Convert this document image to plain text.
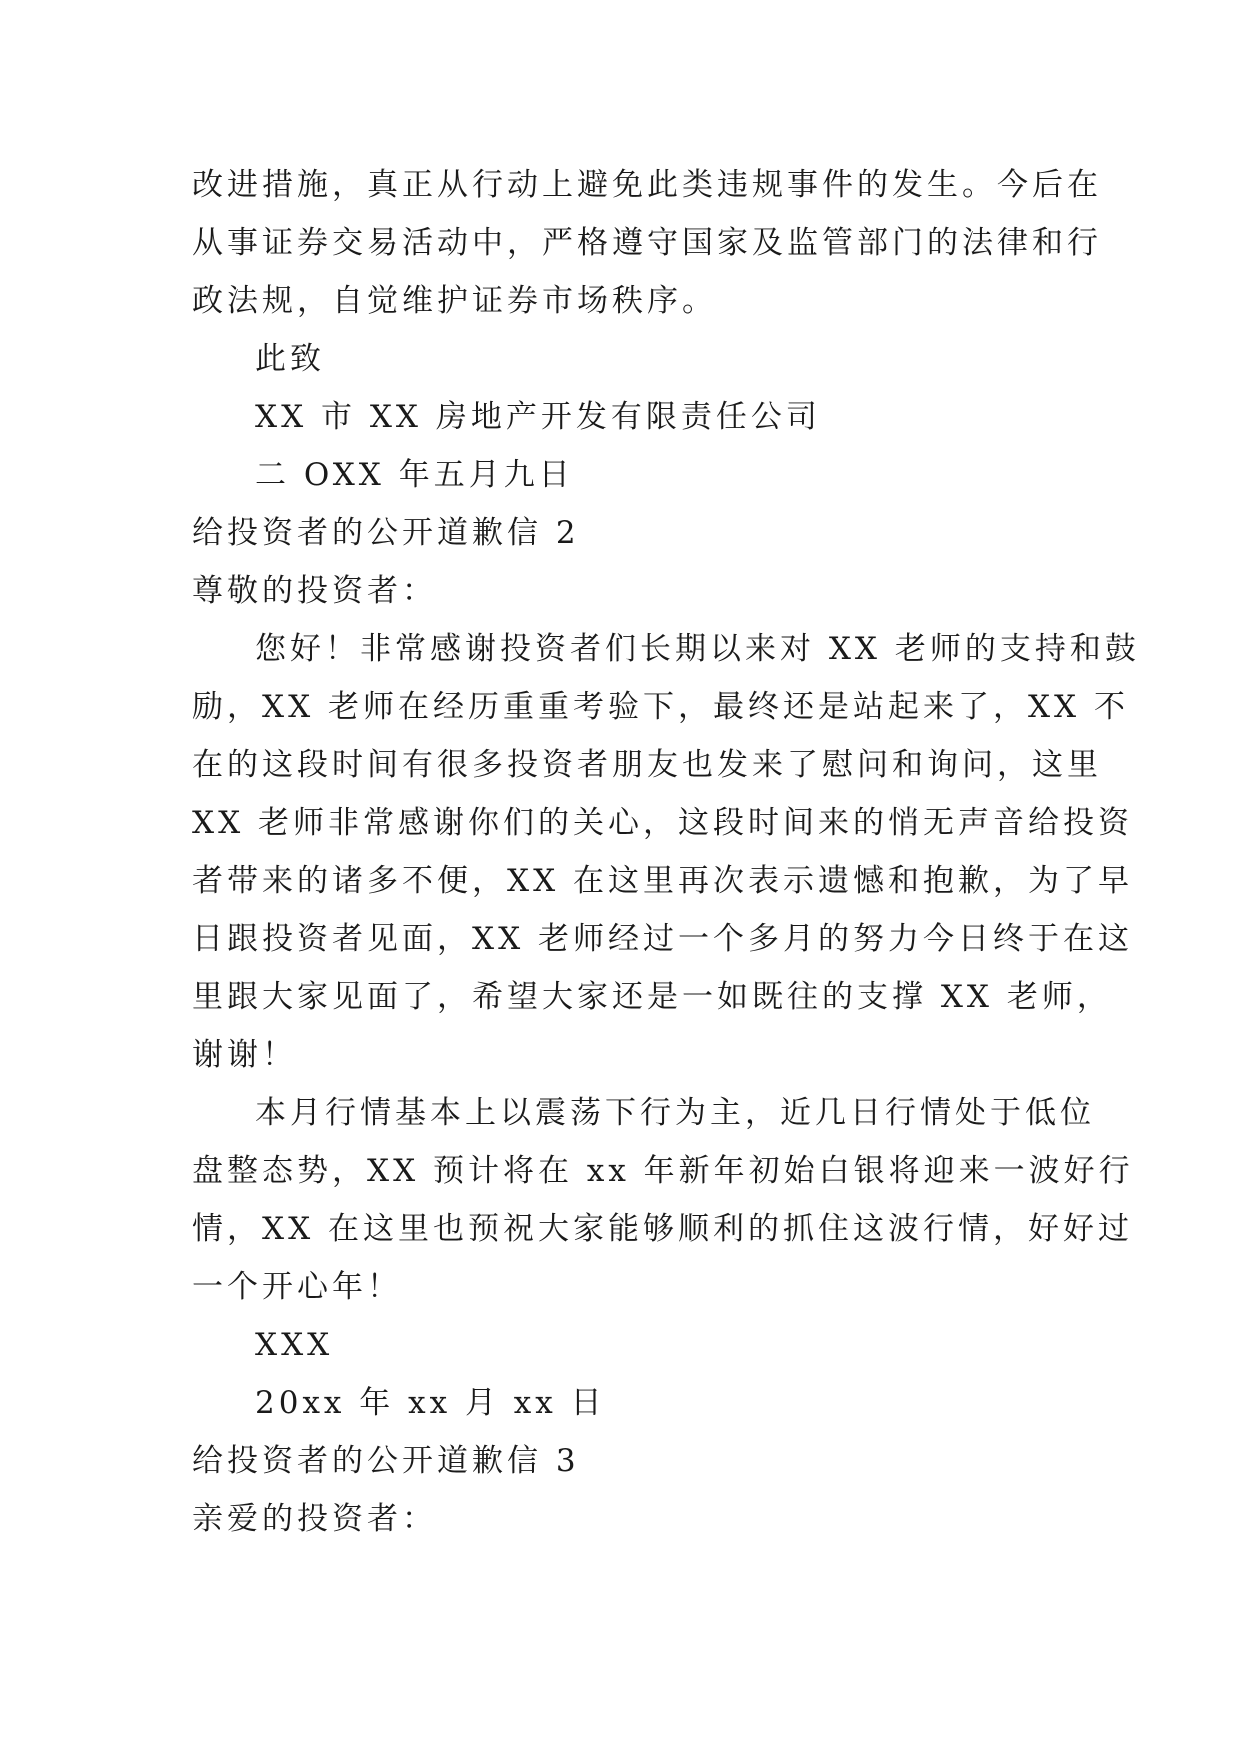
改进措施，真正从行动上避免此类违规事件的发生。今后在
从事证券交易活动中，严格遵守国家及监管部门的法律和行
政法规，自觉维护证券市场秩序。
此致
XX 市 XX 房地产开发有限责任公司
二 OXX 年五月九日
给投资者的公开道歉信 2
尊敬的投资者：
您好！非常感谢投资者们长期以来对 XX 老师的支持和鼓
励，XX 老师在经历重重考验下，最终还是站起来了，XX 不
在的这段时间有很多投资者朋友也发来了慰问和询问，这里
XX 老师非常感谢你们的关心，这段时间来的悄无声音给投资
者带来的诸多不便，XX 在这里再次表示遗憾和抱歉，为了早
日跟投资者见面，XX 老师经过一个多月的努力今日终于在这
里跟大家见面了，希望大家还是一如既往的支撑 XX 老师，
谢谢！
本月行情基本上以震荡下行为主，近几日行情处于低位
盘整态势，XX 预计将在 xx 年新年初始白银将迎来一波好行
情，XX 在这里也预祝大家能够顺利的抓住这波行情，好好过
一个开心年！
XXX
20xx 年 xx 月 xx 日
给投资者的公开道歉信 3
亲爱的投资者：
